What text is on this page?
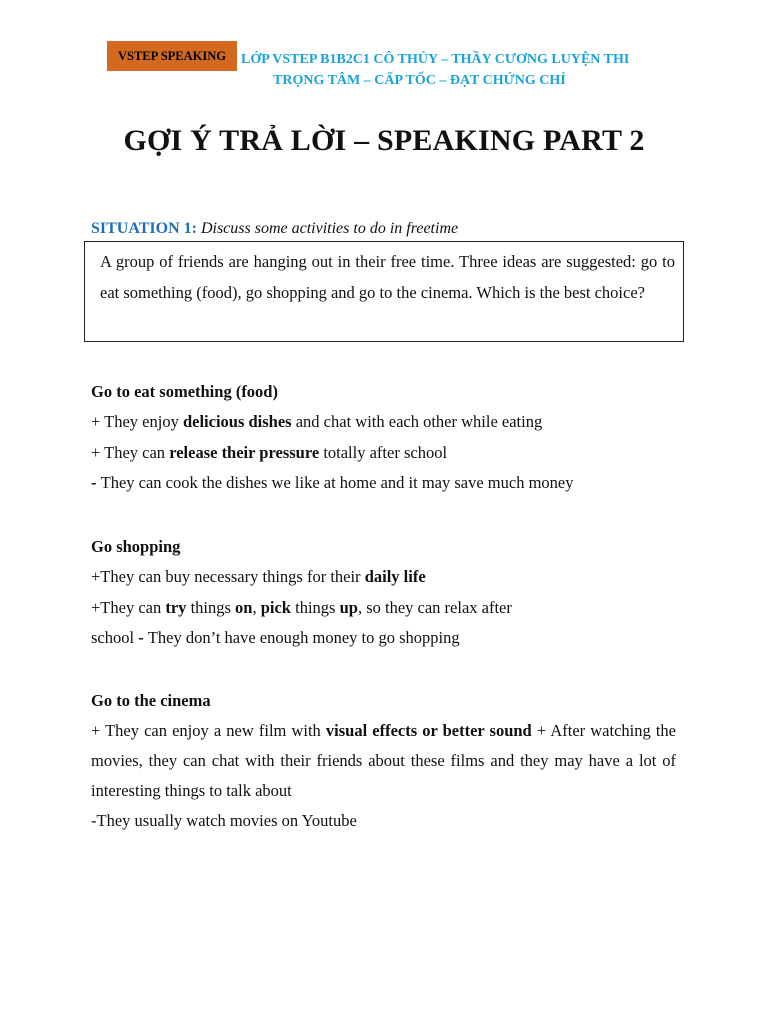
VSTEP SPEAKING	LỚP VSTEP B1B2C1 CÔ THỦY – THẦY CƯƠNG LUYỆN THI
TRỌNG TÂM – CẤP TỐC – ĐẠT CHỨNG CHỈ
GỢI Ý TRẢ LỜI – SPEAKING PART 2
SITUATION 1: Discuss some activities to do in freetime
A group of friends are hanging out in their free time. Three ideas are suggested: go to eat something (food), go shopping and go to the cinema. Which is the best choice?
Go to eat something (food)
+ They enjoy delicious dishes and chat with each other while eating
+ They can release their pressure totally after school
- They can cook the dishes we like at home and it may save much money
Go shopping
+They can buy necessary things for their daily life
+They can try things on, pick things up, so they can relax after
school - They don’t have enough money to go shopping
Go to the cinema
+ They can enjoy a new film with visual effects or better sound + After watching the movies, they can chat with their friends about these films and they may have a lot of interesting things to talk about
-They usually watch movies on Youtube
